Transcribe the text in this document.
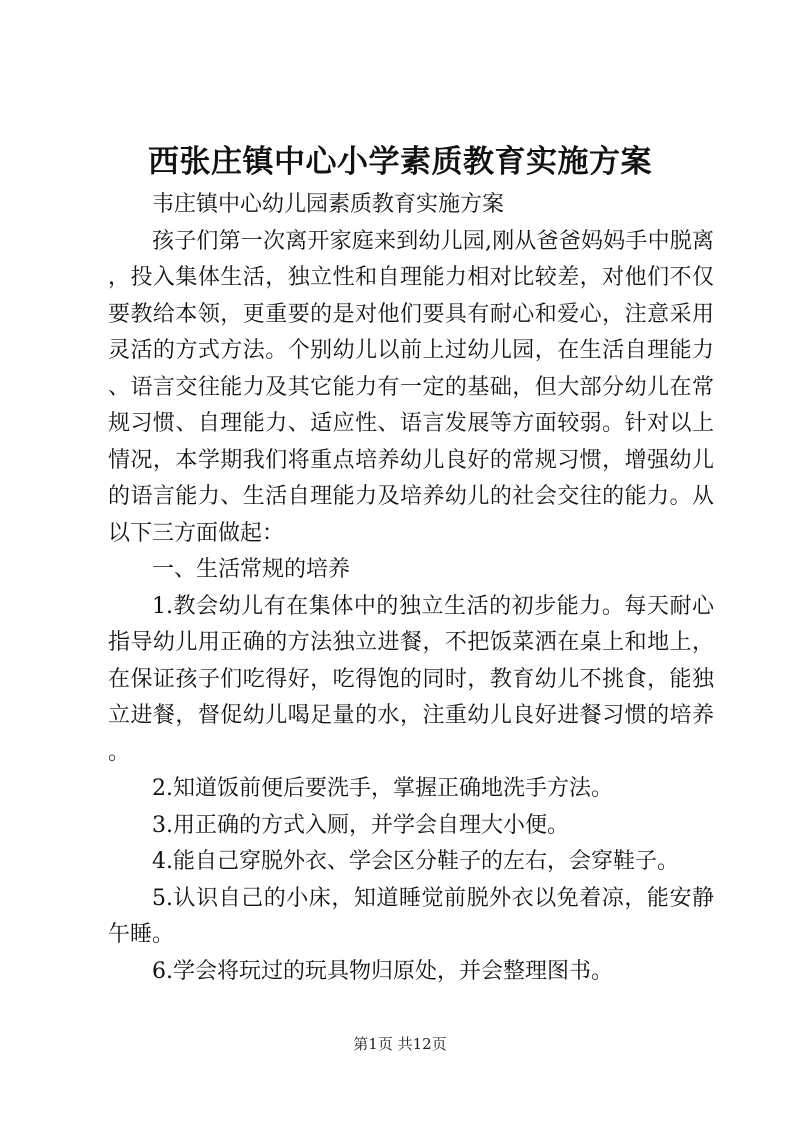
西张庄镇中心小学素质教育实施方案

韦庄镇中心幼儿园素质教育实施方案

孩子们第一次离开家庭来到幼儿园,刚从爸爸妈妈手中脱离，投入集体生活，独立性和自理能力相对比较差，对他们不仅要教给本领，更重要的是对他们要具有耐心和爱心，注意采用灵活的方式方法。个别幼儿以前上过幼儿园，在生活自理能力、语言交往能力及其它能力有一定的基础，但大部分幼儿在常规习惯、自理能力、适应性、语言发展等方面较弱。针对以上情况，本学期我们将重点培养幼儿良好的常规习惯，增强幼儿的语言能力、生活自理能力及培养幼儿的社会交往的能力。从以下三方面做起：

一、生活常规的培养

1.教会幼儿有在集体中的独立生活的初步能力。每天耐心指导幼儿用正确的方法独立进餐，不把饭菜洒在桌上和地上，在保证孩子们吃得好，吃得饱的同时，教育幼儿不挑食，能独立进餐，督促幼儿喝足量的水，注重幼儿良好进餐习惯的培养。

2.知道饭前便后要洗手，掌握正确地洗手方法。

3.用正确的方式入厕，并学会自理大小便。

4.能自己穿脱外衣、学会区分鞋子的左右，会穿鞋子。

5.认识自己的小床，知道睡觉前脱外衣以免着凉，能安静午睡。

6.学会将玩过的玩具物归原处，并会整理图书。

第1页 共12页
